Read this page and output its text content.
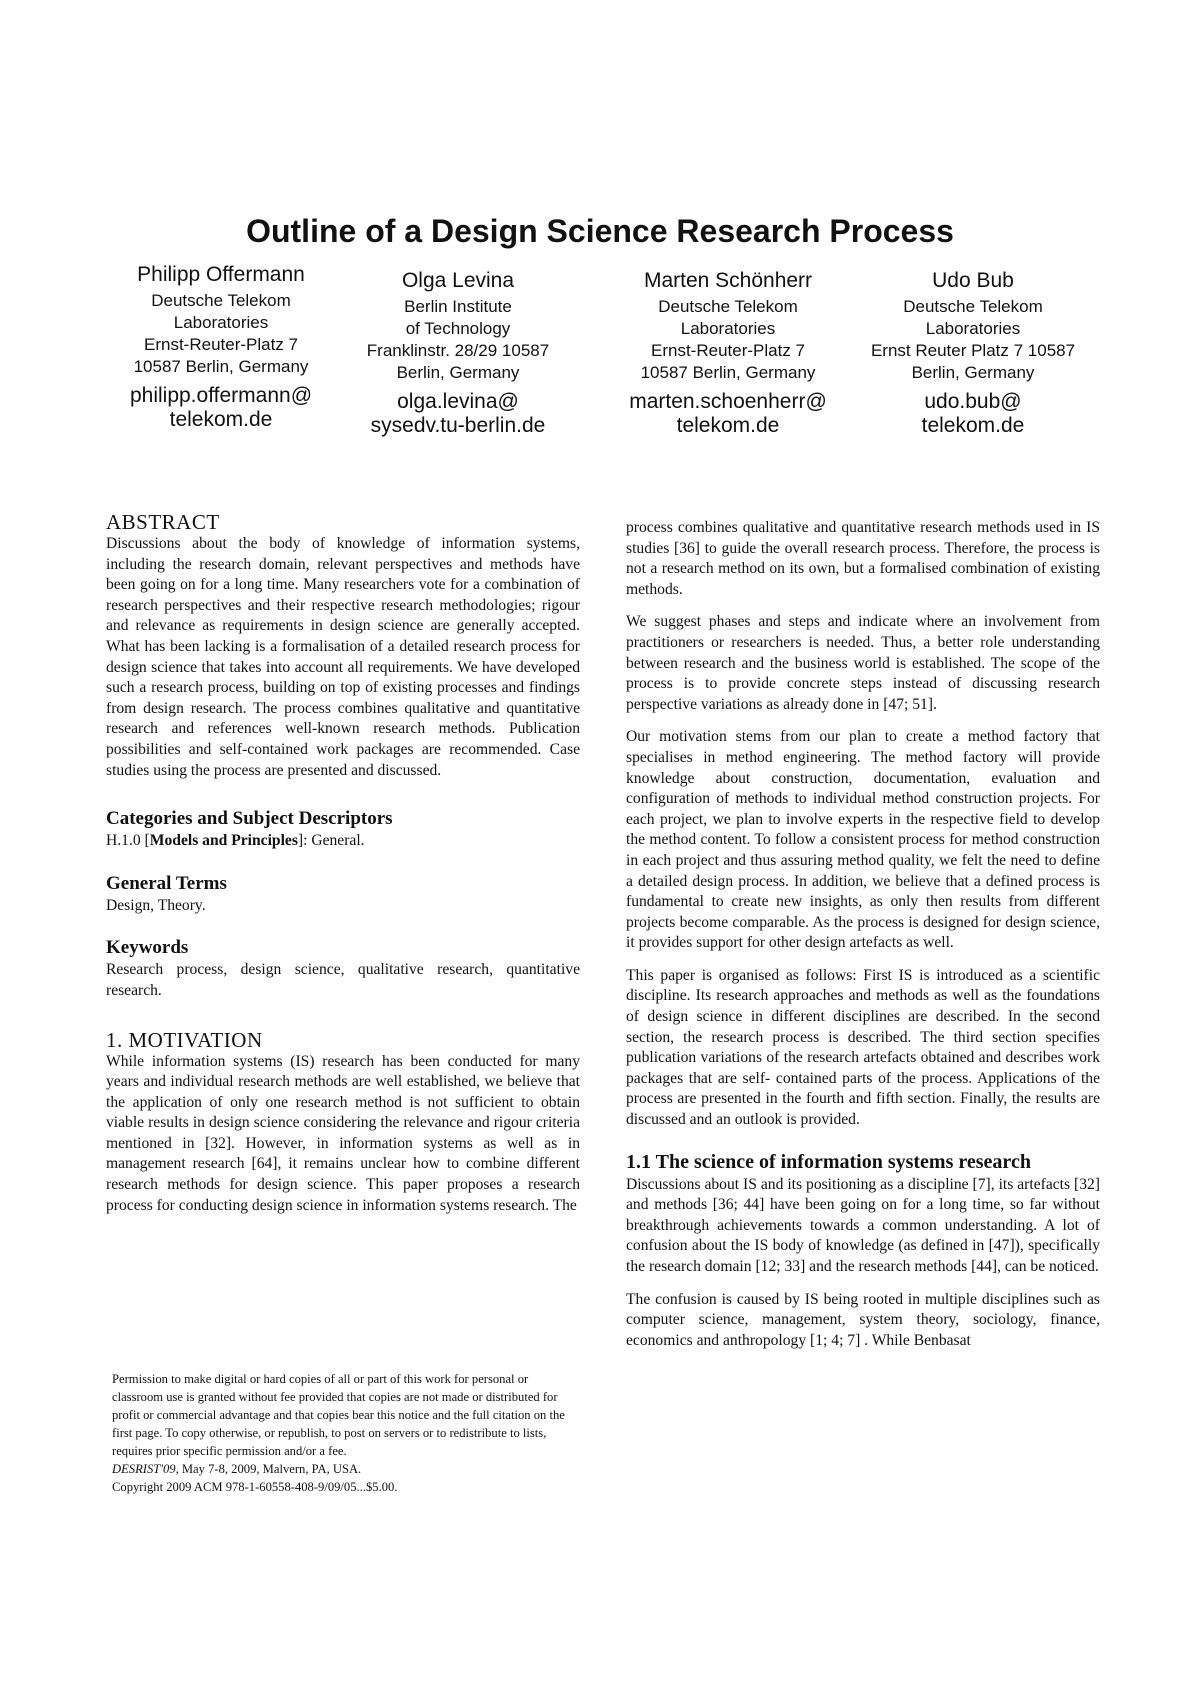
Outline of a Design Science Research Process
Philipp Offermann
Deutsche Telekom
Laboratories
Ernst-Reuter-Platz 7
10587 Berlin, Germany
philipp.offermann@
telekom.de
Olga Levina
Berlin Institute
of Technology
Franklinstr. 28/29 10587
Berlin, Germany
olga.levina@
sysedv.tu-berlin.de
Marten Schönherr
Deutsche Telekom
Laboratories
Ernst-Reuter-Platz 7
10587 Berlin, Germany
marten.schoenherr@
telekom.de
Udo Bub
Deutsche Telekom
Laboratories
Ernst Reuter Platz 7 10587
Berlin, Germany
udo.bub@
telekom.de
ABSTRACT

Discussions about the body of knowledge of information systems, including the research domain, relevant perspectives and methods have been going on for a long time. Many researchers vote for a combination of research perspectives and their respective research methodologies; rigour and relevance as requirements in design science are generally accepted. What has been lacking is a formalisation of a detailed research process for design science that takes into account all requirements. We have developed such a research process, building on top of existing processes and findings from design research. The process combines qualitative and quantitative research and references well-known research methods. Publication possibilities and self-contained work packages are recommended. Case studies using the process are presented and discussed.

Categories and Subject Descriptors

H.1.0 [Models and Principles]: General.

General Terms

Design, Theory.

Keywords

Research process, design science, qualitative research, quantitative research.

1. MOTIVATION

While information systems (IS) research has been conducted for many years and individual research methods are well established, we believe that the application of only one research method is not sufficient to obtain viable results in design science considering the relevance and rigour criteria mentioned in [32]. However, in information systems as well as in management research [64], it remains unclear how to combine different research methods for design science. This paper proposes a research process for conducting design science in information systems research. The

Permission to make digital or hard copies of all or part of this work for personal or classroom use is granted without fee provided that copies are not made or distributed for profit or commercial advantage and that copies bear this notice and the full citation on the first page. To copy otherwise, or republish, to post on servers or to redistribute to lists, requires prior specific permission and/or a fee.

DESRIST'09, May 7-8, 2009, Malvern, PA, USA.

Copyright 2009 ACM 978-1-60558-408-9/09/05...$5.00.

process combines qualitative and quantitative research methods used in IS studies [36] to guide the overall research process. Therefore, the process is not a research method on its own, but a formalised combination of existing methods.

We suggest phases and steps and indicate where an involvement from practitioners or researchers is needed. Thus, a better role understanding between research and the business world is established. The scope of the process is to provide concrete steps instead of discussing research perspective variations as already done in [47; 51].

Our motivation stems from our plan to create a method factory that specialises in method engineering. The method factory will provide knowledge about construction, documentation, evaluation and configuration of methods to individual method construction projects. For each project, we plan to involve experts in the respective field to develop the method content. To follow a consistent process for method construction in each project and thus assuring method quality, we felt the need to define a detailed design process. In addition, we believe that a defined process is fundamental to create new insights, as only then results from different projects become comparable. As the process is designed for design science, it provides support for other design artefacts as well.

This paper is organised as follows: First IS is introduced as a scientific discipline. Its research approaches and methods as well as the foundations of design science in different disciplines are described. In the second section, the research process is described. The third section specifies publication variations of the research artefacts obtained and describes work packages that are self- contained parts of the process. Applications of the process are presented in the fourth and fifth section. Finally, the results are discussed and an outlook is provided.

1.1 The science of information systems research

Discussions about IS and its positioning as a discipline [7], its artefacts [32] and methods [36; 44] have been going on for a long time, so far without breakthrough achievements towards a common understanding. A lot of confusion about the IS body of knowledge (as defined in [47]), specifically the research domain [12; 33] and the research methods [44], can be noticed.

The confusion is caused by IS being rooted in multiple disciplines such as computer science, management, system theory, sociology, finance, economics and anthropology [1; 4; 7] . While Benbasat
